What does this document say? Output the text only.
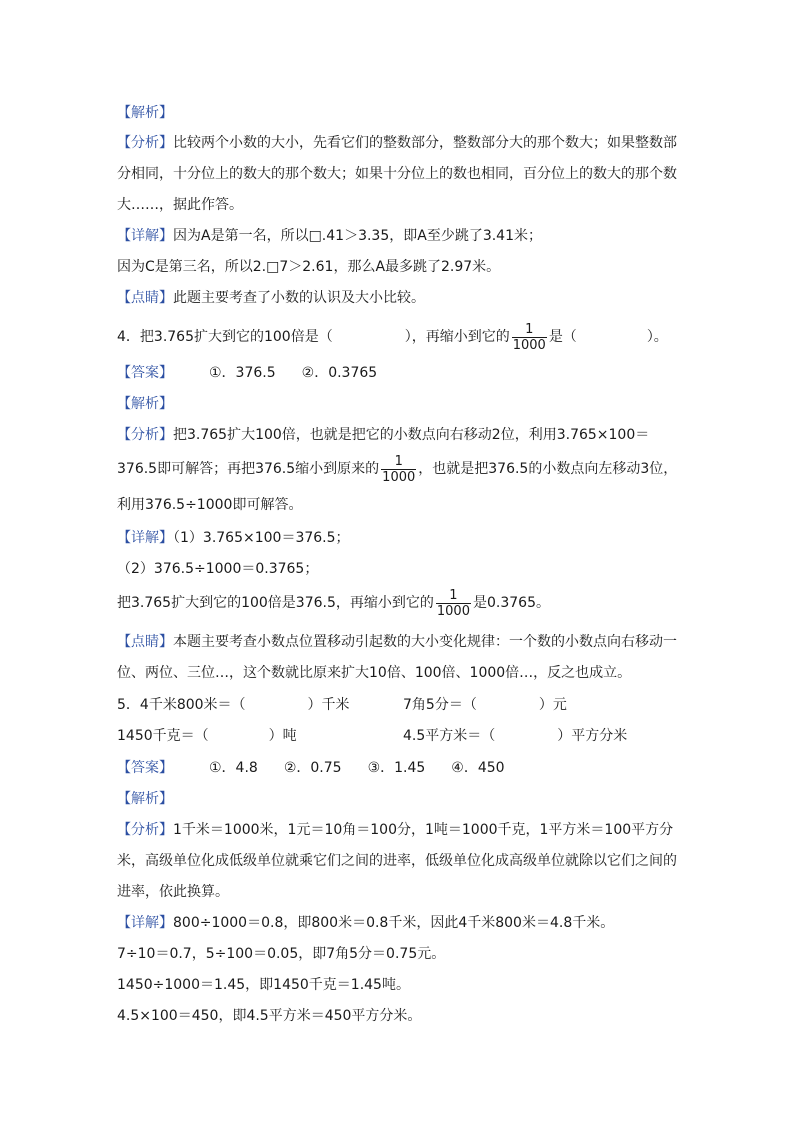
【解析】
【分析】比较两个小数的大小，先看它们的整数部分，整数部分大的那个数大；如果整数部
分相同，十分位上的数大的那个数大；如果十分位上的数也相同，百分位上的数大的那个数
大……，据此作答。
【详解】因为A是第一名，所以□.41＞3.35，即A至少跳了3.41米；
因为C是第三名，所以2.□7＞2.61，那么A最多跳了2.97米。
【点睛】此题主要考查了小数的认识及大小比较。
4．把3.765扩大到它的100倍是（	），再缩小到它的 $\frac{1}{1000}$ 是（	）。
【答案】	①．376.5 ②．0.3765
【解析】
【分析】把3.765扩大100倍，也就是把它的小数点向右移动2位，利用3.765×100＝
376.5即可解答；再把376.5缩小到原来的 $\frac{1}{1000}$ ，也就是把376.5的小数点向左移动3位，
利用376.5÷1000即可解答。
【详解】（1）3.765×100＝376.5；
（2）376.5÷1000＝0.3765；
把3.765扩大到它的100倍是376.5，再缩小到它的 $\frac{1}{1000}$ 是0.3765。
【点睛】本题主要考查小数点位置移动引起数的大小变化规律：一个数的小数点向右移动一
位、两位、三位…，这个数就比原来扩大10倍、100倍、1000倍…，反之也成立。
5．4千米800米＝（	）千米	7角5分＝（	）元
1450千克＝（	）吨	4.5平方米＝（	）平方分米
【答案】	①．4.8 ②．0.75 ③．1.45 ④．450
【解析】
【分析】1千米＝1000米，1元＝10角＝100分，1吨＝1000千克，1平方米＝100平方分
米，高级单位化成低级单位就乘它们之间的进率，低级单位化成高级单位就除以它们之间的
进率，依此换算。
【详解】800÷1000＝0.8，即800米＝0.8千米，因此4千米800米＝4.8千米。
7÷10＝0.7，5÷100＝0.05，即7角5分＝0.75元。
1450÷1000＝1.45，即1450千克＝1.45吨。
4.5×100＝450，即4.5平方米＝450平方分米。
